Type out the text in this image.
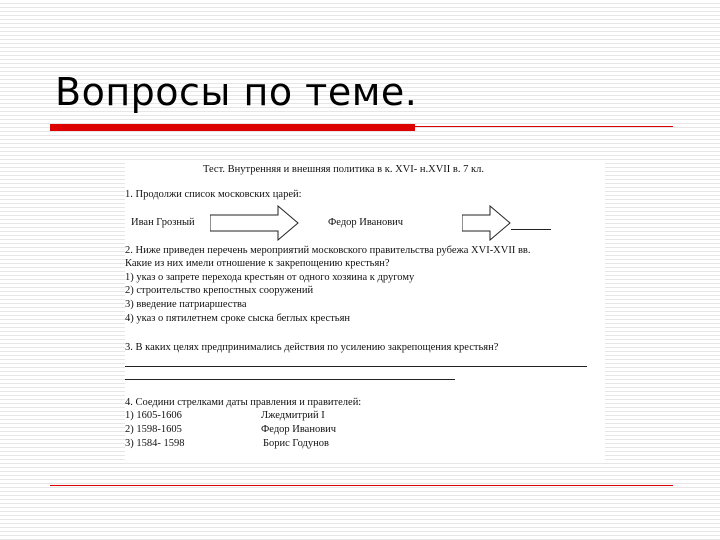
Вопросы по теме.
Тест. Внутренняя и внешняя политика в к. XVI- н.XVII в. 7 кл.
1. Продолжи список московских царей:
Иван Грозный	Федор Иванович
2. Ниже приведен перечень мероприятий московского правительства рубежа XVI-XVII вв.
Какие из них имели отношение к закрепощению крестьян?
1) указ о запрете перехода крестьян от одного хозяина к другому
2) строительство крепостных сооружений
3) введение патриаршества
4) указ о пятилетнем сроке сыска беглых крестьян
3. В каких целях предпринимались действия по усилению закрепощения крестьян?
4. Соедини стрелками даты правления и правителей:
1) 1605-1606	Лжедмитрий I
2) 1598-1605	Федор Иванович
3) 1584- 1598	Борис Годунов
